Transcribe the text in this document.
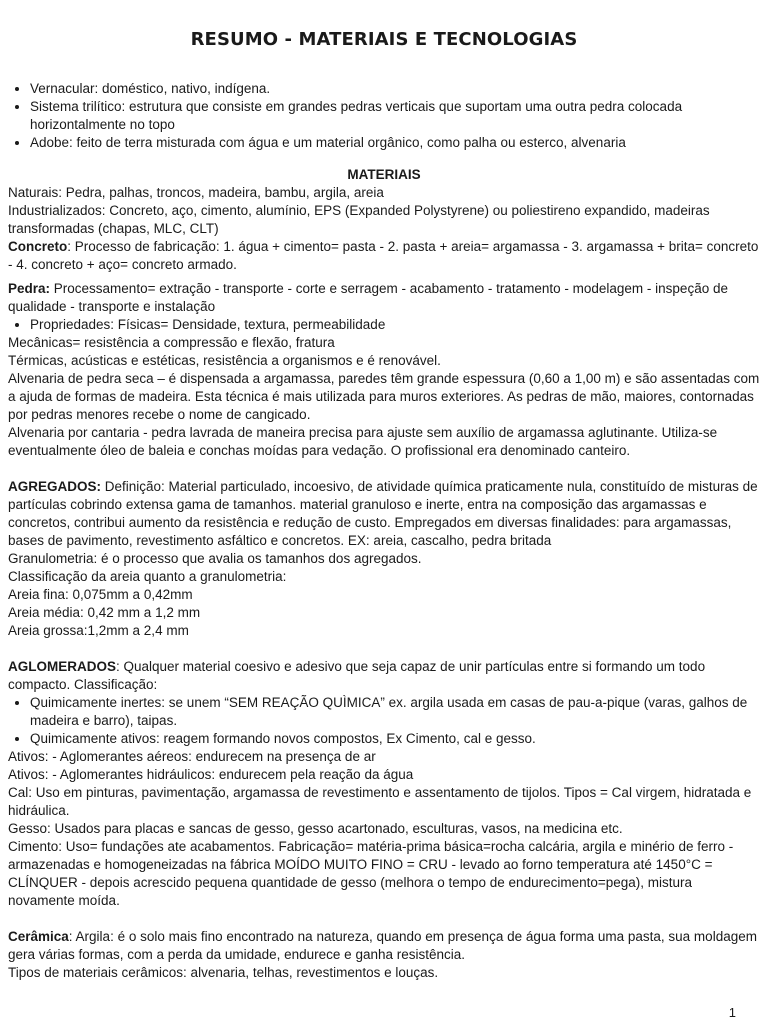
RESUMO - MATERIAIS E TECNOLOGIAS
• Vernacular: doméstico, nativo, indígena.
• Sistema trilítico: estrutura que consiste em grandes pedras verticais que suportam uma outra pedra colocada horizontalmente no topo
• Adobe: feito de terra misturada com água e um material orgânico, como palha ou esterco, alvenaria

MATERIAIS

Naturais: Pedra, palhas, troncos, madeira, bambu, argila, areia

Industrializados: Concreto, aço, cimento, alumínio, EPS (Expanded Polystyrene) ou poliestireno expandido, madeiras transformadas (chapas, MLC, CLT)

Concreto: Processo de fabricação: 1. água + cimento= pasta - 2. pasta + areia= argamassa - 3. argamassa + brita= concreto - 4. concreto + aço= concreto armado.

Pedra: Processamento= extração - transporte - corte e serragem - acabamento - tratamento - modelagem - inspeção de qualidade - transporte e instalação

• Propriedades: Físicas= Densidade, textura, permeabilidade

Mecânicas= resistência a compressão e flexão, fratura

Térmicas, acústicas e estéticas, resistência a organismos e é renovável.

Alvenaria de pedra seca – é dispensada a argamassa, paredes têm grande espessura (0,60 a 1,00 m) e são assentadas com a ajuda de formas de madeira. Esta técnica é mais utilizada para muros exteriores. As pedras de mão, maiores, contornadas por pedras menores recebe o nome de cangicado.

Alvenaria por cantaria - pedra lavrada de maneira precisa para ajuste sem auxílio de argamassa aglutinante. Utiliza-se eventualmente óleo de baleia e conchas moídas para vedação. O profissional era denominado canteiro.

AGREGADOS: Definição: Material particulado, incoesivo, de atividade química praticamente nula, constituído de misturas de partículas cobrindo extensa gama de tamanhos. material granuloso e inerte, entra na composição das argamassas e concretos, contribui aumento da resistência e redução de custo. Empregados em diversas finalidades: para argamassas, bases de pavimento, revestimento asfáltico e concretos. EX: areia, cascalho, pedra britada

Granulometria: é o processo que avalia os tamanhos dos agregados.

Classificação da areia quanto a granulometria:

Areia fina: 0,075mm a 0,42mm

Areia média: 0,42 mm a 1,2 mm

Areia grossa:1,2mm a 2,4 mm

AGLOMERADOS: Qualquer material coesivo e adesivo que seja capaz de unir partículas entre si formando um todo compacto. Classificação:

• Quimicamente inertes: se unem “SEM REAÇÃO QUÌMICA” ex. argila usada em casas de pau-a-pique (varas, galhos de madeira e barro), taipas.
• Quimicamente ativos: reagem formando novos compostos, Ex Cimento, cal e gesso.

Ativos: - Aglomerantes aéreos: endurecem na presença de ar

Ativos: - Aglomerantes hidráulicos: endurecem pela reação da água

Cal: Uso em pinturas, pavimentação, argamassa de revestimento e assentamento de tijolos. Tipos = Cal virgem, hidratada e hidráulica.

Gesso: Usados para placas e sancas de gesso, gesso acartonado, esculturas, vasos, na medicina etc.

Cimento: Uso= fundações ate acabamentos. Fabricação= matéria-prima básica=rocha calcária, argila e minério de ferro - armazenadas e homogeneizadas na fábrica MOÍDO MUITO FINO = CRU - levado ao forno temperatura até 1450°C = CLÍNQUER - depois acrescido pequena quantidade de gesso (melhora o tempo de endurecimento=pega), mistura novamente moída.

Cerâmica: Argila: é o solo mais fino encontrado na natureza, quando em presença de água forma uma pasta, sua moldagem gera várias formas, com a perda da umidade, endurece e ganha resistência.

Tipos de materiais cerâmicos: alvenaria, telhas, revestimentos e louças.

1
